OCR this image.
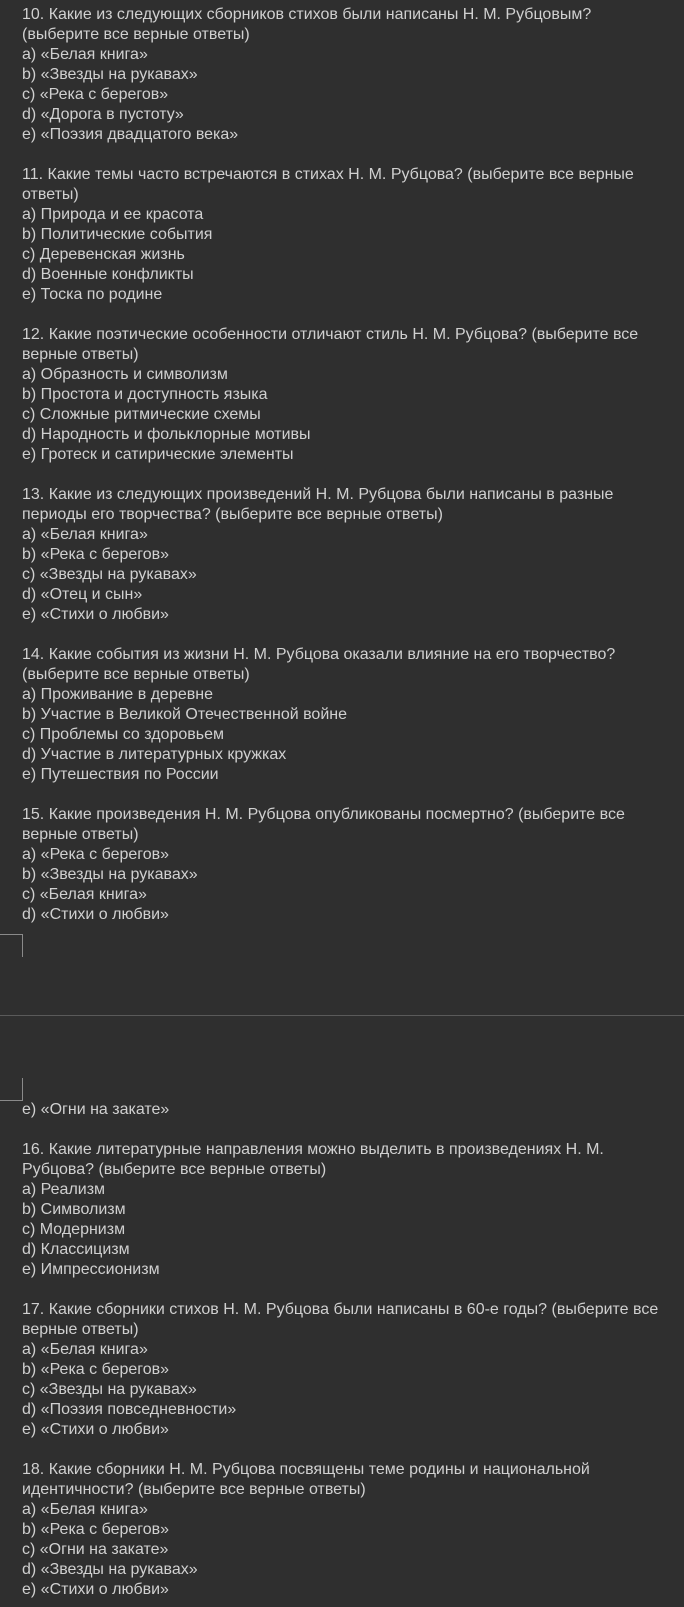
10. Какие из следующих сборников стихов были написаны Н. М. Рубцовым? (выберите все верные ответы)
a) «Белая книга»
b) «Звезды на рукавах»
c) «Река с берегов»
d) «Дорога в пустоту»
e) «Поэзия двадцатого века»
11. Какие темы часто встречаются в стихах Н. М. Рубцова? (выберите все верные ответы)
a) Природа и ее красота
b) Политические события
c) Деревенская жизнь
d) Военные конфликты
e) Тоска по родине
12. Какие поэтические особенности отличают стиль Н. М. Рубцова? (выберите все верные ответы)
a) Образность и символизм
b) Простота и доступность языка
c) Сложные ритмические схемы
d) Народность и фольклорные мотивы
e) Гротеск и сатирические элементы
13. Какие из следующих произведений Н. М. Рубцова были написаны в разные периоды его творчества? (выберите все верные ответы)
a) «Белая книга»
b) «Река с берегов»
c) «Звезды на рукавах»
d) «Отец и сын»
e) «Стихи о любви»
14. Какие события из жизни Н. М. Рубцова оказали влияние на его творчество? (выберите все верные ответы)
a) Проживание в деревне
b) Участие в Великой Отечественной войне
c) Проблемы со здоровьем
d) Участие в литературных кружках
e) Путешествия по России
15. Какие произведения Н. М. Рубцова опубликованы посмертно? (выберите все верные ответы)
a) «Река с берегов»
b) «Звезды на рукавах»
c) «Белая книга»
d) «Стихи о любви»
e) «Огни на закате»
16. Какие литературные направления можно выделить в произведениях Н. М. Рубцова? (выберите все верные ответы)
a) Реализм
b) Символизм
c) Модернизм
d) Классицизм
e) Импрессионизм
17. Какие сборники стихов Н. М. Рубцова были написаны в 60-е годы? (выберите все верные ответы)
a) «Белая книга»
b) «Река с берегов»
c) «Звезды на рукавах»
d) «Поэзия повседневности»
e) «Стихи о любви»
18. Какие сборники Н. М. Рубцова посвящены теме родины и национальной идентичности? (выберите все верные ответы)
a) «Белая книга»
b) «Река с берегов»
c) «Огни на закате»
d) «Звезды на рукавах»
e) «Стихи о любви»
